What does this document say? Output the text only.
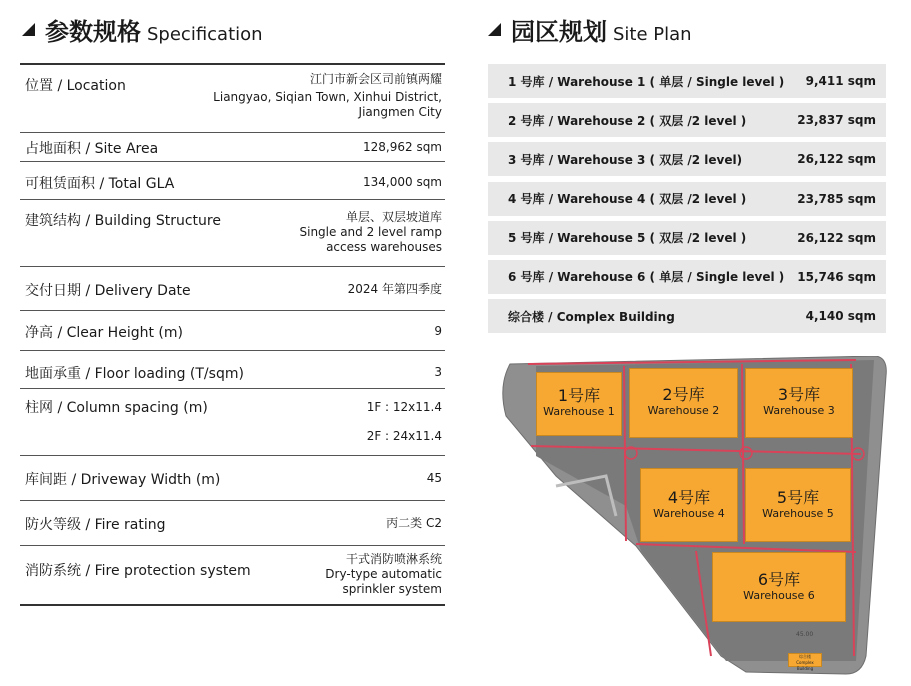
参数规格 Specification	园区规划 Site Plan
位置 / Location	江门市新会区司前镇两耀
Liangyao, Siqian Town, Xinhui District,
Jiangmen City
占地面积 / Site Area	128,962 sqm
可租赁面积 / Total GLA	134,000 sqm
建筑结构 / Building Structure	单层、双层坡道库
Single and 2 level ramp
access warehouses
交付日期 / Delivery Date	2024 年第四季度
净高 / Clear Height (m)	9
地面承重 / Floor loading (T/sqm)	3
柱网 / Column spacing (m)	1F : 12x11.4
2F : 24x11.4
库间距 / Driveway Width (m)	45
防火等级 / Fire rating	丙二类 C2
消防系统 / Fire protection system
干式消防喷淋系统
Dry-type automatic
sprinkler system
1 号库 / Warehouse 1 ( 单层 / Single level ) 9,411 sqm
2 号库 / Warehouse 2 ( 双层 /2 level )	23,837 sqm
3 号库 / Warehouse 3 ( 双层 /2 level)	26,122 sqm
4 号库 / Warehouse 4 ( 双层 /2 level )	23,785 sqm
5 号库 / Warehouse 5 ( 双层 /2 level )	26,122 sqm
6 号库 / Warehouse 6 ( 单层 / Single level ) 15,746 sqm
综合楼 / Complex Building	4,140 sqm
1号库
Warehouse 1
2号库
Warehouse 2
3号库
Warehouse 3
4号库
Warehouse 4
5号库
Warehouse 5
6号库
Warehouse 6
综合楼
Complex Building
45.00
